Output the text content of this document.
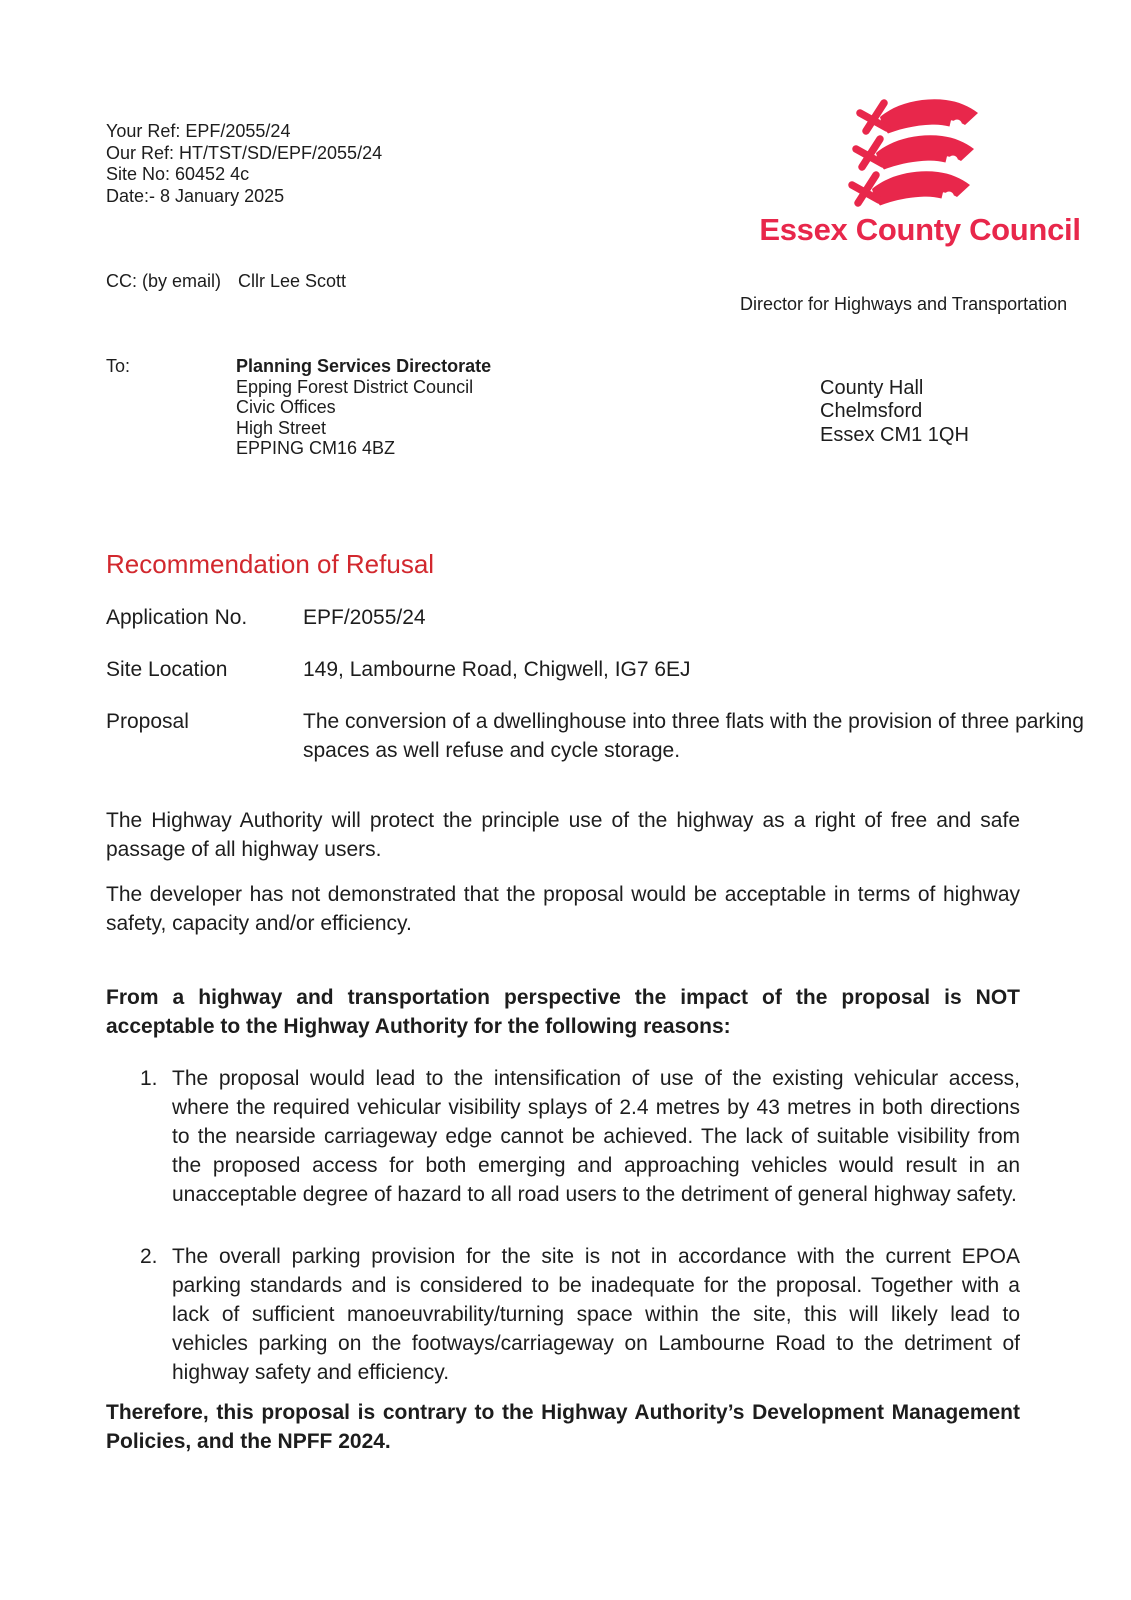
Your Ref: EPF/2055/24
Our Ref: HT/TST/SD/EPF/2055/24
Site No: 60452 4c
Date:- 8 January 2025
Essex County Council
CC: (by email) Cllr Lee Scott
Director for Highways and Transportation
To:	Planning Services Directorate
Epping Forest District Council
Civic Offices
High Street
EPPING CM16 4BZ
County Hall
Chelmsford
Essex CM1 1QH
Recommendation of Refusal
Application No.	EPF/2055/24
Site Location	149, Lambourne Road, Chigwell, IG7 6EJ
Proposal	The conversion of a dwellinghouse into three flats with the provision of three parking spaces as well refuse and cycle storage.
The Highway Authority will protect the principle use of the highway as a right of free and safe passage of all highway users.
The developer has not demonstrated that the proposal would be acceptable in terms of highway safety, capacity and/or efficiency.
From a highway and transportation perspective the impact of the proposal is NOT acceptable to the Highway Authority for the following reasons:
1. The proposal would lead to the intensification of use of the existing vehicular access, where the required vehicular visibility splays of 2.4 metres by 43 metres in both directions to the nearside carriageway edge cannot be achieved. The lack of suitable visibility from the proposed access for both emerging and approaching vehicles would result in an unacceptable degree of hazard to all road users to the detriment of general highway safety.
2. The overall parking provision for the site is not in accordance with the current EPOA parking standards and is considered to be inadequate for the proposal. Together with a lack of sufficient manoeuvrability/turning space within the site, this will likely lead to vehicles parking on the footways/carriageway on Lambourne Road to the detriment of highway safety and efficiency.
Therefore, this proposal is contrary to the Highway Authority’s Development Management Policies, and the NPFF 2024.
